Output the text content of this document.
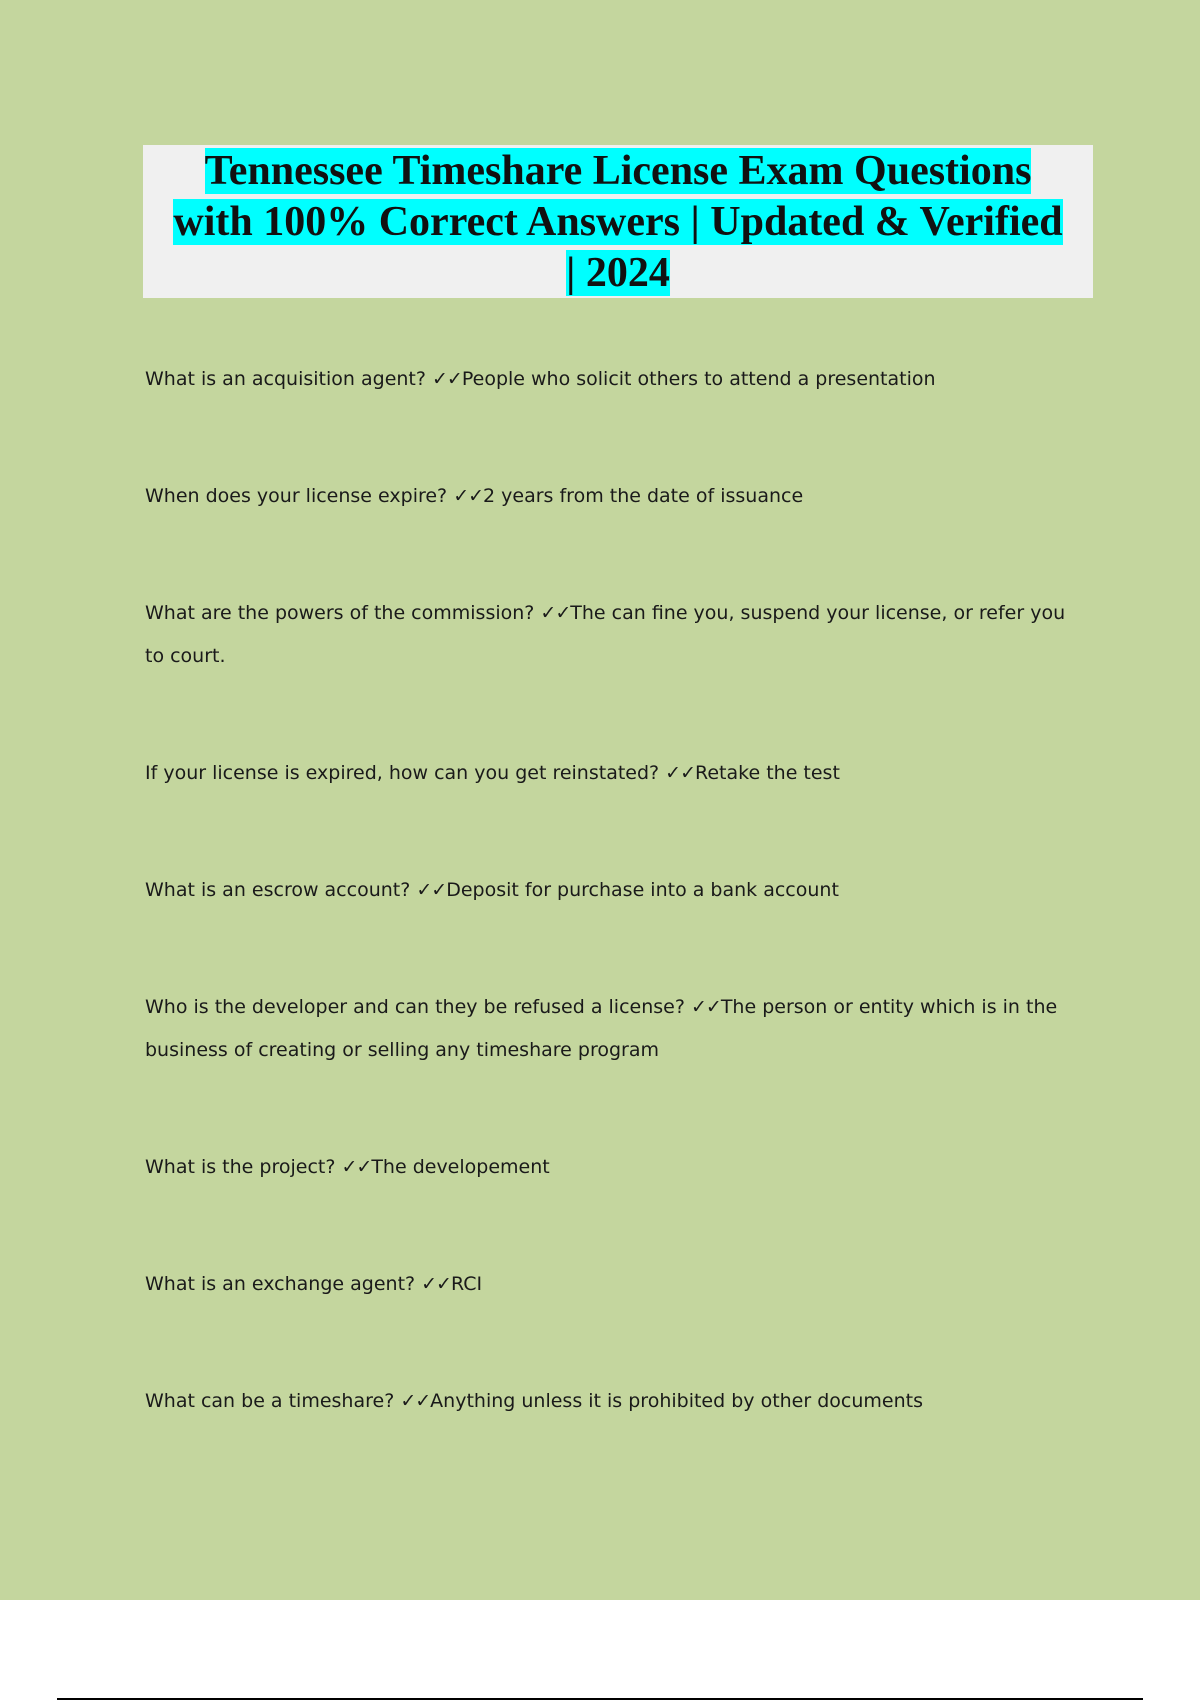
Tennessee Timeshare License Exam Questions
with 100% Correct Answers | Updated & Verified
| 2024

What is an acquisition agent? ✓✓People who solicit others to attend a presentation

When does your license expire? ✓✓2 years from the date of issuance

What are the powers of the commission? ✓✓The can fine you, suspend your license, or refer you to court.

If your license is expired, how can you get reinstated? ✓✓Retake the test

What is an escrow account? ✓✓Deposit for purchase into a bank account

Who is the developer and can they be refused a license? ✓✓The person or entity which is in the business of creating or selling any timeshare program

What is the project? ✓✓The developement

What is an exchange agent? ✓✓RCI

What can be a timeshare? ✓✓Anything unless it is prohibited by other documents
